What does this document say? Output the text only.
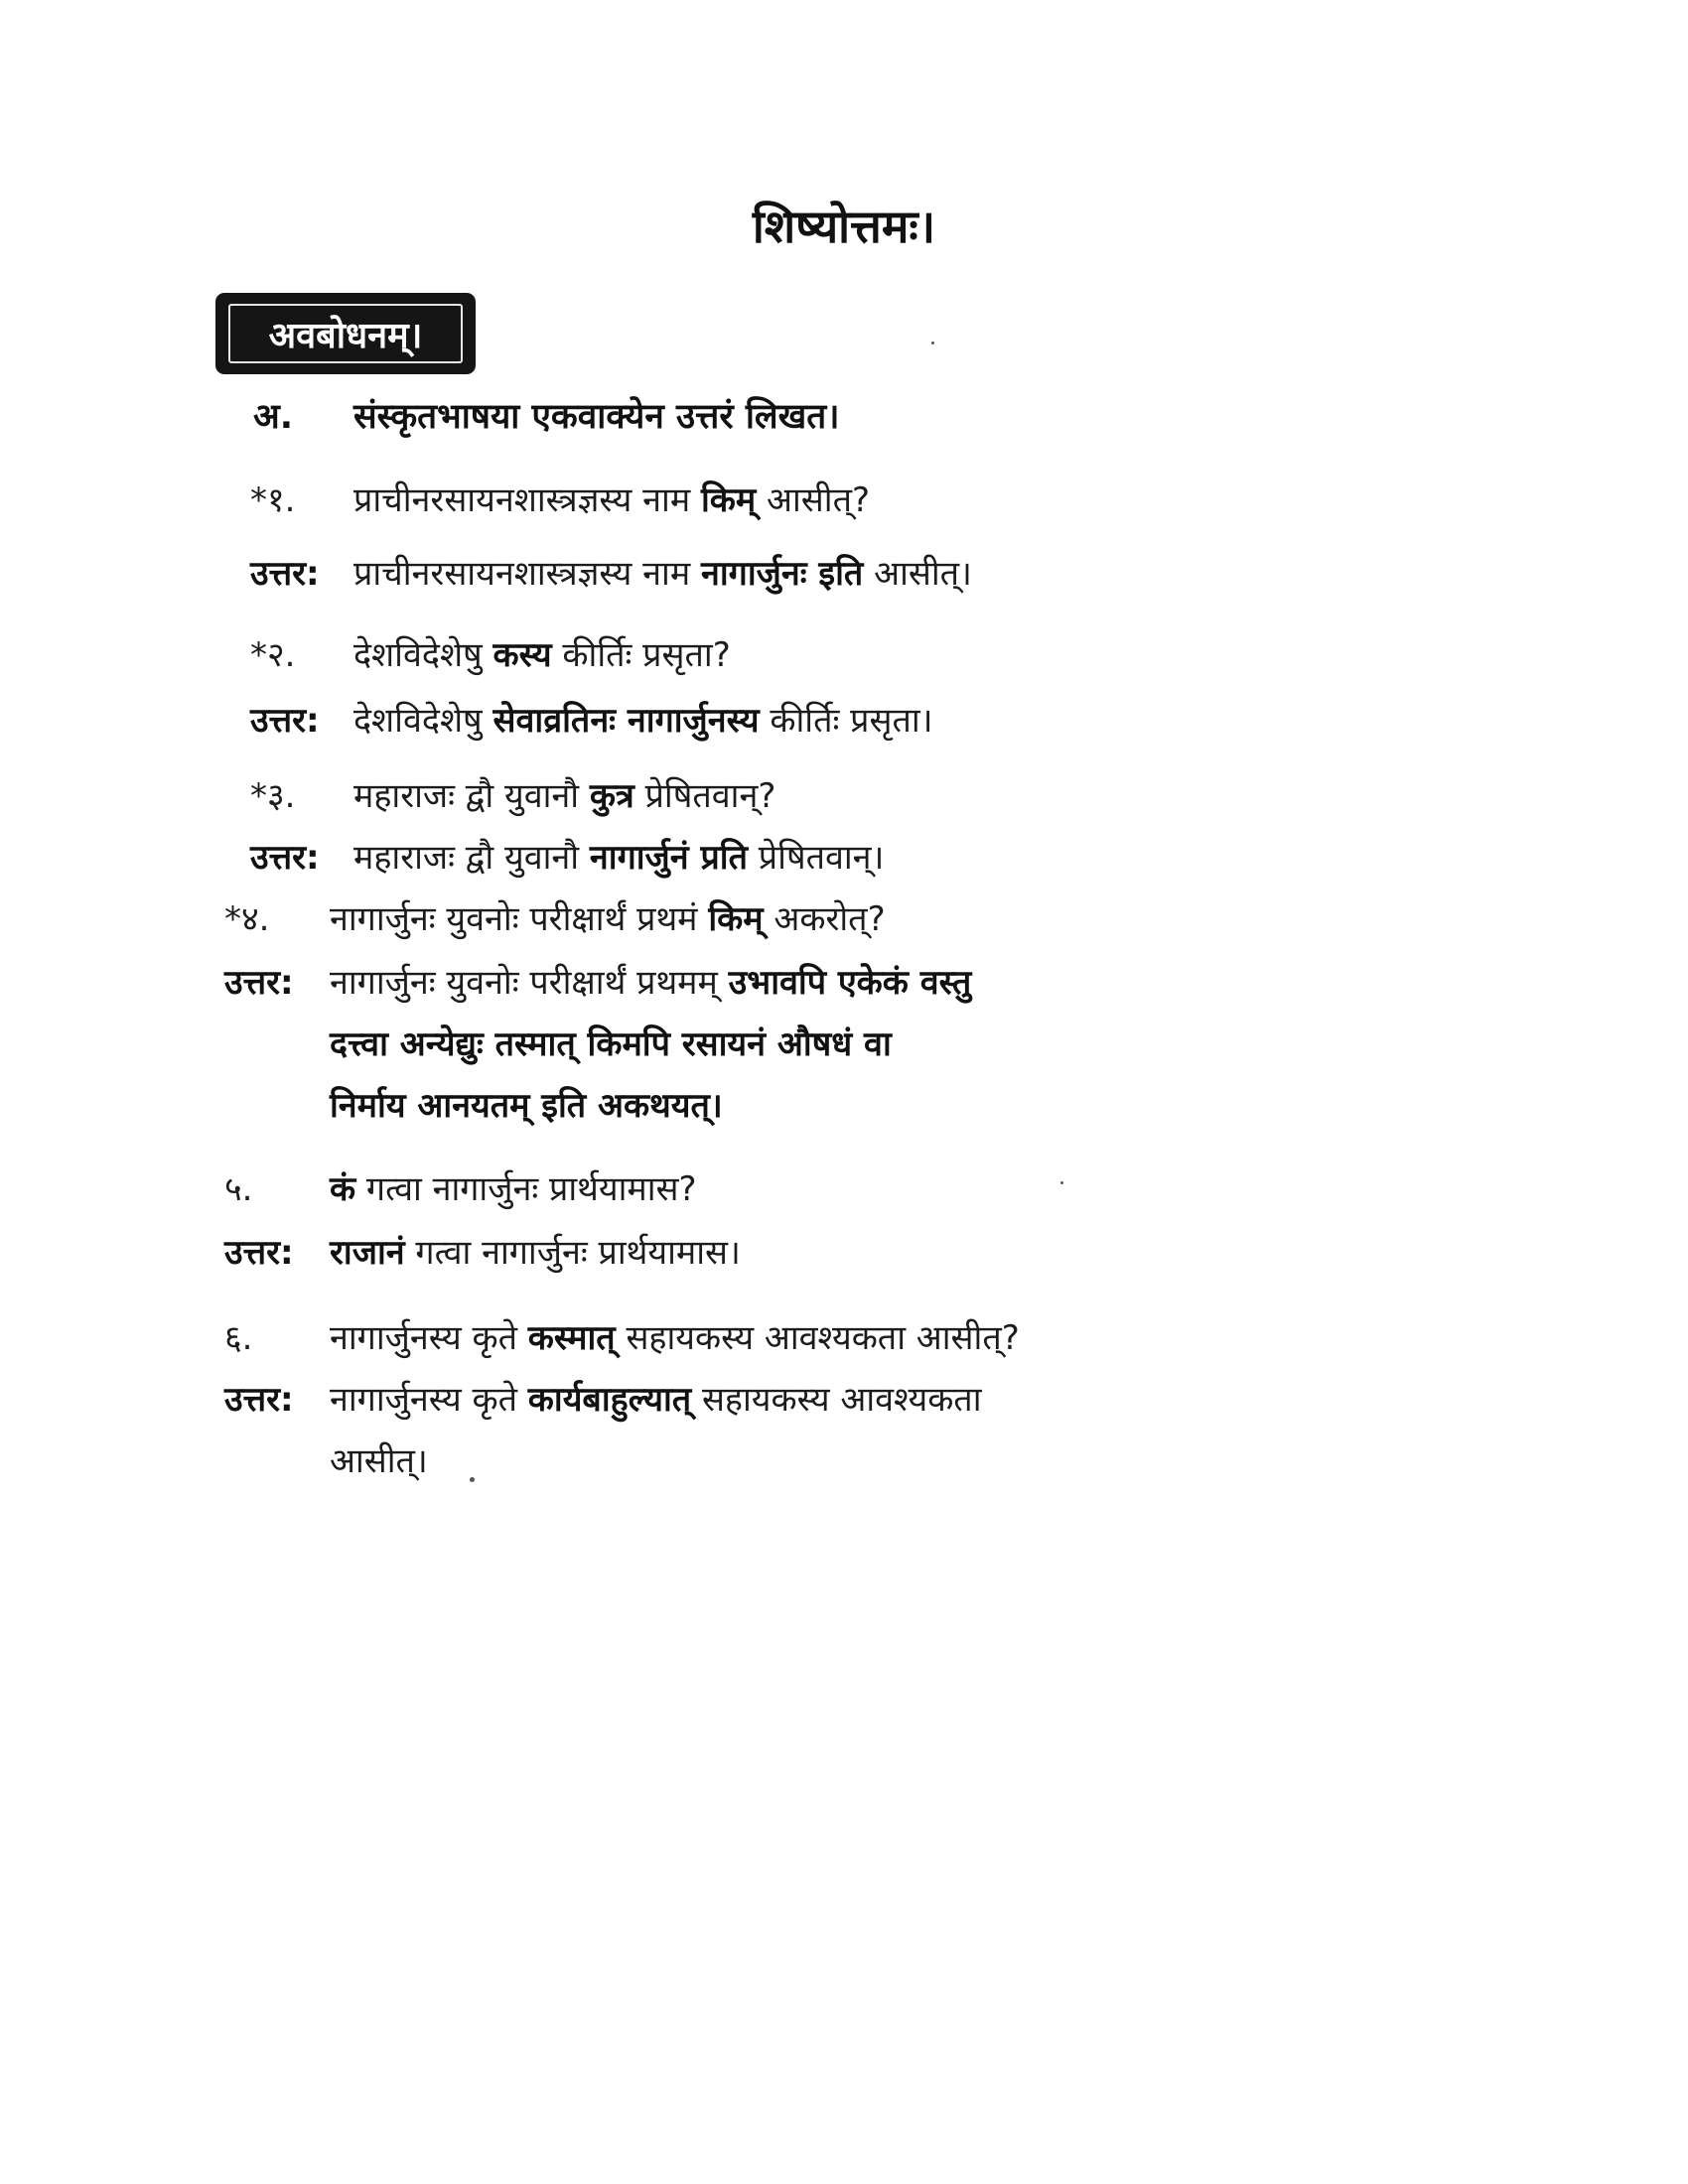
शिष्योत्तमः।
अवबोधनम्।
अ. संस्कृतभाषया एकवाक्येन उत्तरं लिखत।
*१. प्राचीनरसायनशास्त्रज्ञस्य नाम किम् आसीत्?
उत्तर: प्राचीनरसायनशास्त्रज्ञस्य नाम नागार्जुनः इति आसीत्।
*२. देशविदेशेषु कस्य कीर्तिः प्रसृता?
उत्तर: देशविदेशेषु सेवाव्रतिनः नागार्जुनस्य कीर्तिः प्रसृता।
*३. महाराजः द्वौ युवानौ कुत्र प्रेषितवान्?
उत्तर: महाराजः द्वौ युवानौ नागार्जुनं प्रति प्रेषितवान्।
*४. नागार्जुनः युवनोः परीक्षार्थं प्रथमं किम् अकरोत्?
उत्तर: नागार्जुनः युवनोः परीक्षार्थं प्रथमम् उभावपि एकेकं वस्तु
दत्त्वा अन्येद्युः तस्मात् किमपि रसायनं औषधं वा
निर्माय आनयतम् इति अकथयत्।
५. कं गत्वा नागार्जुनः प्रार्थयामास?
उत्तर: राजानं गत्वा नागार्जुनः प्रार्थयामास।
६. नागार्जुनस्य कृते कस्मात् सहायकस्य आवश्यकता आसीत्?
उत्तर: नागार्जुनस्य कृते कार्यबाहुल्यात् सहायकस्य आवश्यकता
आसीत्।
